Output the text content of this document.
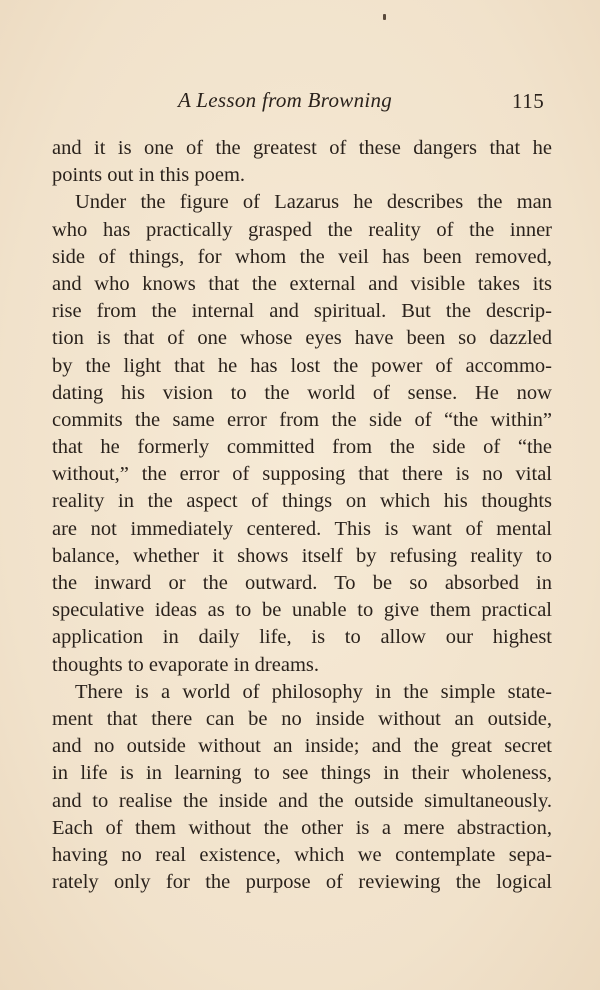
A Lesson from Browning	115
and it is one of the greatest of these dangers that he
points out in this poem.
Under the figure of Lazarus he describes the man
who has practically grasped the reality of the inner
side of things, for whom the veil has been removed,
and who knows that the external and visible takes its
rise from the internal and spiritual. But the descrip-
tion is that of one whose eyes have been so dazzled
by the light that he has lost the power of accommo-
dating his vision to the world of sense. He now
commits the same error from the side of “the within”
that he formerly committed from the side of “the
without,” the error of supposing that there is no vital
reality in the aspect of things on which his thoughts
are not immediately centered. This is want of mental
balance, whether it shows itself by refusing reality to
the inward or the outward. To be so absorbed in
speculative ideas as to be unable to give them practical
application in daily life, is to allow our highest
thoughts to evaporate in dreams.
There is a world of philosophy in the simple state-
ment that there can be no inside without an outside,
and no outside without an inside; and the great secret
in life is in learning to see things in their wholeness,
and to realise the inside and the outside simultaneously.
Each of them without the other is a mere abstraction,
having no real existence, which we contemplate sepa-
rately only for the purpose of reviewing the logical
